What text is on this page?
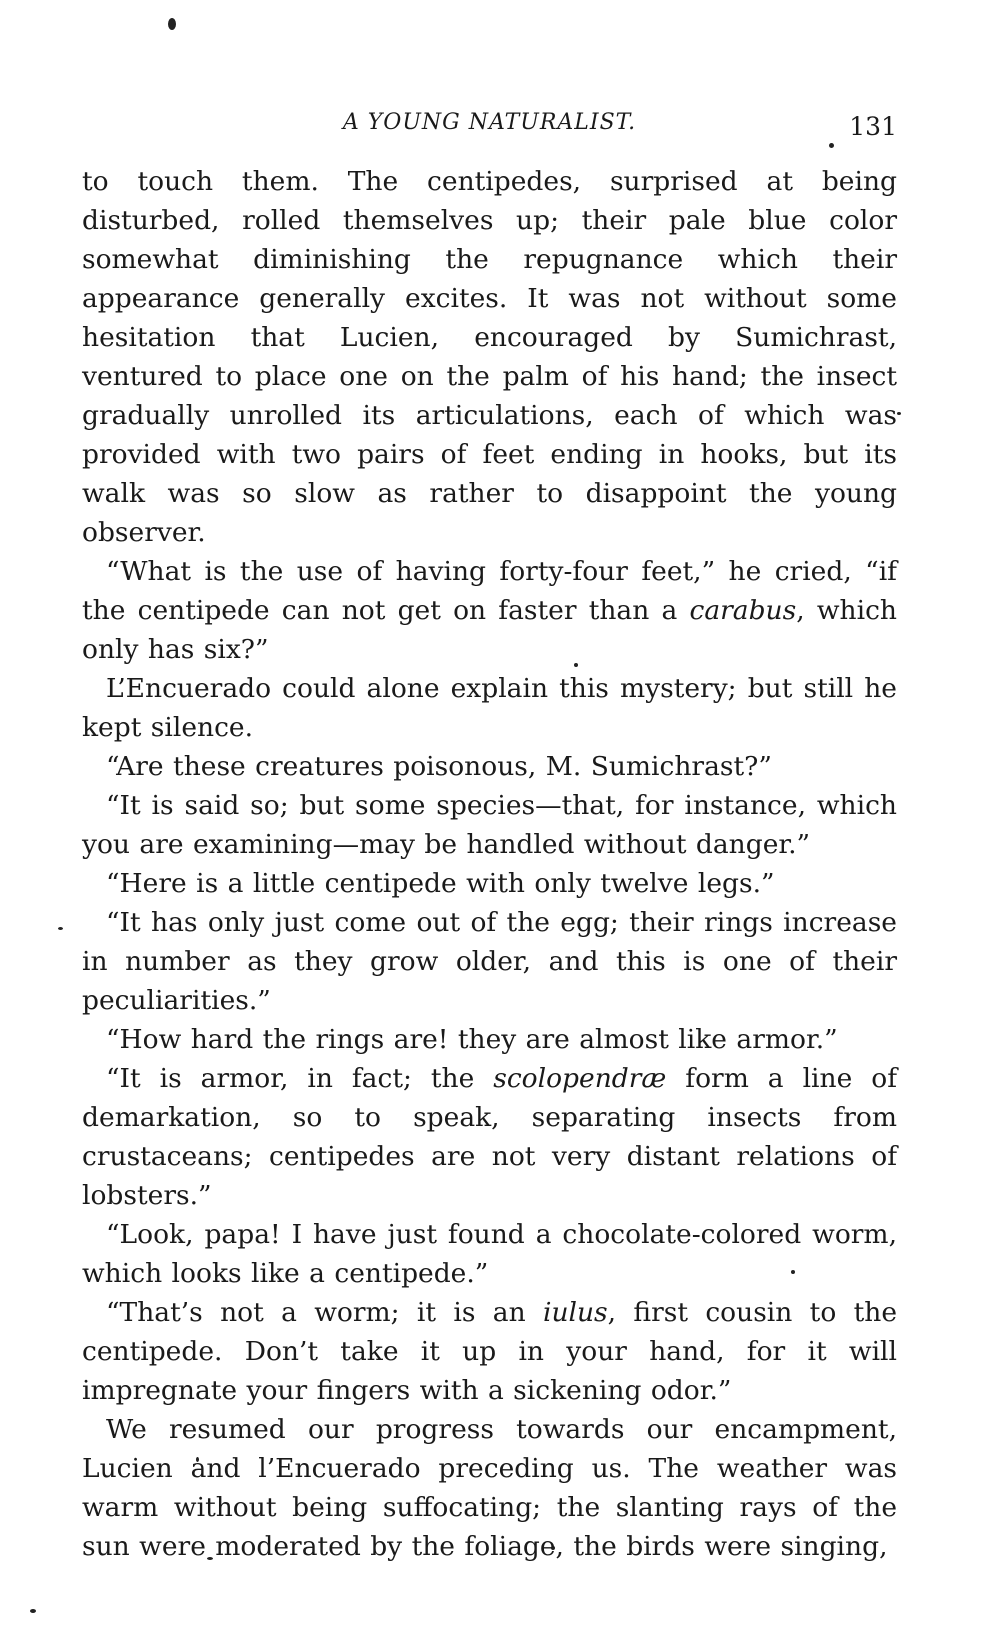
A YOUNG NATURALIST.	131

to touch them. The centipedes, surprised at being disturbed, rolled themselves up; their pale blue color somewhat diminishing the repugnance which their appearance generally excites. It was not without some hesitation that Lucien, encouraged by Sumichrast, ventured to place one on the palm of his hand; the insect gradually unrolled its articulations, each of which was provided with two pairs of feet ending in hooks, but its walk was so slow as rather to disappoint the young observer.

“What is the use of having forty-four feet,” he cried, “if the centipede can not get on faster than a carabus, which only has six?”

L’Encuerado could alone explain this mystery; but still he kept silence.

“Are these creatures poisonous, M. Sumichrast?”

“It is said so; but some species—that, for instance, which you are examining—may be handled without danger.”

“Here is a little centipede with only twelve legs.”

“It has only just come out of the egg; their rings increase in number as they grow older, and this is one of their peculiarities.”

“How hard the rings are! they are almost like armor.”

“It is armor, in fact; the scolopendræ form a line of demarkation, so to speak, separating insects from crustaceans; centipedes are not very distant relations of lobsters.”

“Look, papa! I have just found a chocolate-colored worm, which looks like a centipede.”

“That’s not a worm; it is an iulus, first cousin to the centipede. Don’t take it up in your hand, for it will impregnate your fingers with a sickening odor.”

We resumed our progress towards our encampment, Lucien and l’Encuerado preceding us. The weather was warm without being suffocating; the slanting rays of the sun were moderated by the foliage, the birds were singing,
